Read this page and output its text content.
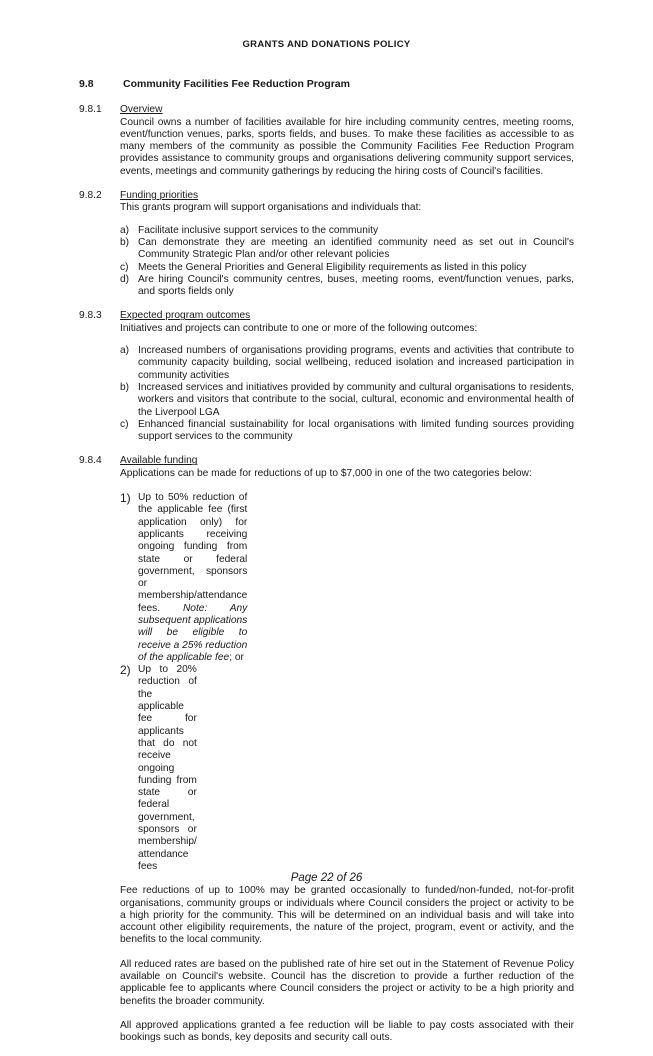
GRANTS AND DONATIONS POLICY
9.8	Community Facilities Fee Reduction Program
9.8.1	Overview
Council owns a number of facilities available for hire including community centres, meeting rooms, event/function venues, parks, sports fields, and buses. To make these facilities as accessible to as many members of the community as possible the Community Facilities Fee Reduction Program provides assistance to community groups and organisations delivering community support services, events, meetings and community gatherings by reducing the hiring costs of Council's facilities.
9.8.2	Funding priorities
This grants program will support organisations and individuals that:
a) Facilitate inclusive support services to the community
b) Can demonstrate they are meeting an identified community need as set out in Council's Community Strategic Plan and/or other relevant policies
c) Meets the General Priorities and General Eligibility requirements as listed in this policy
d) Are hiring Council's community centres, buses, meeting rooms, event/function venues, parks, and sports fields only
9.8.3	Expected program outcomes
Initiatives and projects can contribute to one or more of the following outcomes:
a) Increased numbers of organisations providing programs, events and activities that contribute to community capacity building, social wellbeing, reduced isolation and increased participation in community activities
b) Increased services and initiatives provided by community and cultural organisations to residents, workers and visitors that contribute to the social, cultural, economic and environmental health of the Liverpool LGA
c) Enhanced financial sustainability for local organisations with limited funding sources providing support services to the community
9.8.4	Available funding
Applications can be made for reductions of up to $7,000 in one of the two categories below:
1) Up to 50% reduction of the applicable fee (first application only) for applicants receiving ongoing funding from state or federal government, sponsors or membership/attendance fees. Note: Any subsequent applications will be eligible to receive a 25% reduction of the applicable fee; or
2) Up to 20% reduction of the applicable fee for applicants that do not receive ongoing funding from state or federal government, sponsors or membership/ attendance fees
Fee reductions of up to 100% may be granted occasionally to funded/non-funded, not-for-profit organisations, community groups or individuals where Council considers the project or activity to be a high priority for the community. This will be determined on an individual basis and will take into account other eligibility requirements, the nature of the project, program, event or activity, and the benefits to the local community.
All reduced rates are based on the published rate of hire set out in the Statement of Revenue Policy available on Council's website. Council has the discretion to provide a further reduction of the applicable fee to applicants where Council considers the project or activity to be a high priority and benefits the broader community.
All approved applications granted a fee reduction will be liable to pay costs associated with their bookings such as bonds, key deposits and security call outs.
Page 22 of 26
